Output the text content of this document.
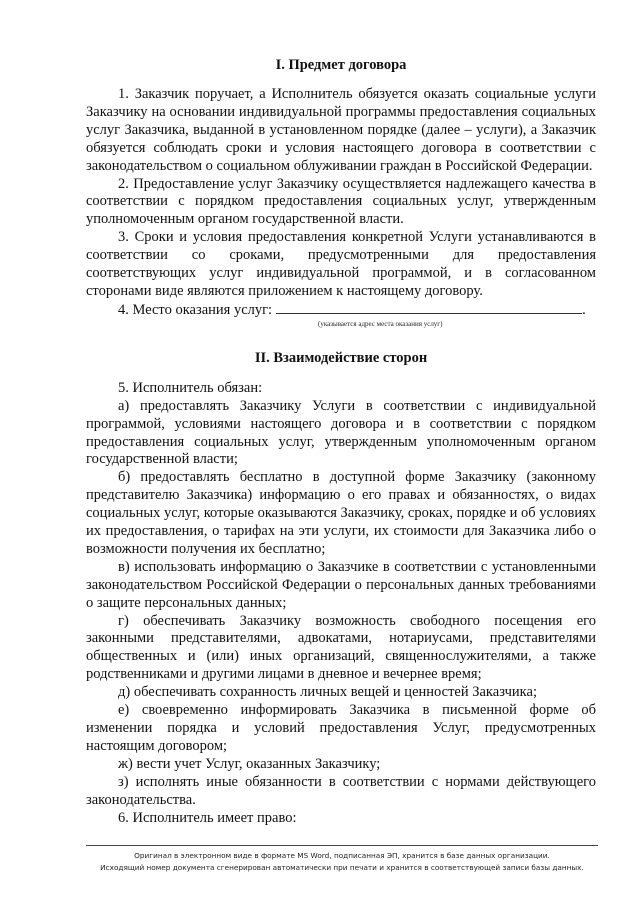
I. Предмет договора

1. Заказчик поручает, а Исполнитель обязуется оказать социальные услуги Заказчику на основании индивидуальной программы предоставления социальных услуг Заказчика, выданной в установленном порядке (далее – услуги), а Заказчик обязуется соблюдать сроки и условия настоящего договора в соответствии с законодательством о социальном облуживании граждан в Российской Федерации.

2. Предоставление услуг Заказчику осуществляется надлежащего качества в соответствии с порядком предоставления социальных услуг, утвержденным уполномоченным органом государственной власти.

3. Сроки и условия предоставления конкретной Услуги устанавливаются в соответствии со сроками, предусмотренными для предоставления соответствующих услуг индивидуальной программой, и в согласованном сторонами виде являются приложением к настоящему договору.

4. Место оказания услуг:	.

(указывается адрес места оказания услуг)

II. Взаимодействие сторон

5. Исполнитель обязан:

а) предоставлять Заказчику Услуги в соответствии с индивидуальной программой, условиями настоящего договора и в соответствии с порядком предоставления социальных услуг, утвержденным уполномоченным органом государственной власти;

б) предоставлять бесплатно в доступной форме Заказчику (законному представителю Заказчика) информацию о его правах и обязанностях, о видах социальных услуг, которые оказываются Заказчику, сроках, порядке и об условиях их предоставления, о тарифах на эти услуги, их стоимости для Заказчика либо о возможности получения их бесплатно;

в) использовать информацию о Заказчике в соответствии с установленными законодательством Российской Федерации о персональных данных требованиями о защите персональных данных;

г) обеспечивать Заказчику возможность свободного посещения его законными представителями, адвокатами, нотариусами, представителями общественных и (или) иных организаций, священнослужителями, а также родственниками и другими лицами в дневное и вечернее время;

д) обеспечивать сохранность личных вещей и ценностей Заказчика;

е) своевременно информировать Заказчика в письменной форме об изменении порядка и условий предоставления Услуг, предусмотренных настоящим договором;

ж) вести учет Услуг, оказанных Заказчику;

з) исполнять иные обязанности в соответствии с нормами действующего законодательства.

6. Исполнитель имеет право:

Оригинал в электронном виде в формате MS Word, подписанная ЭП, хранится в базе данных организации.
Исходящий номер документа сгенерирован автоматически при печати и хранится в соответствующей записи базы данных.
